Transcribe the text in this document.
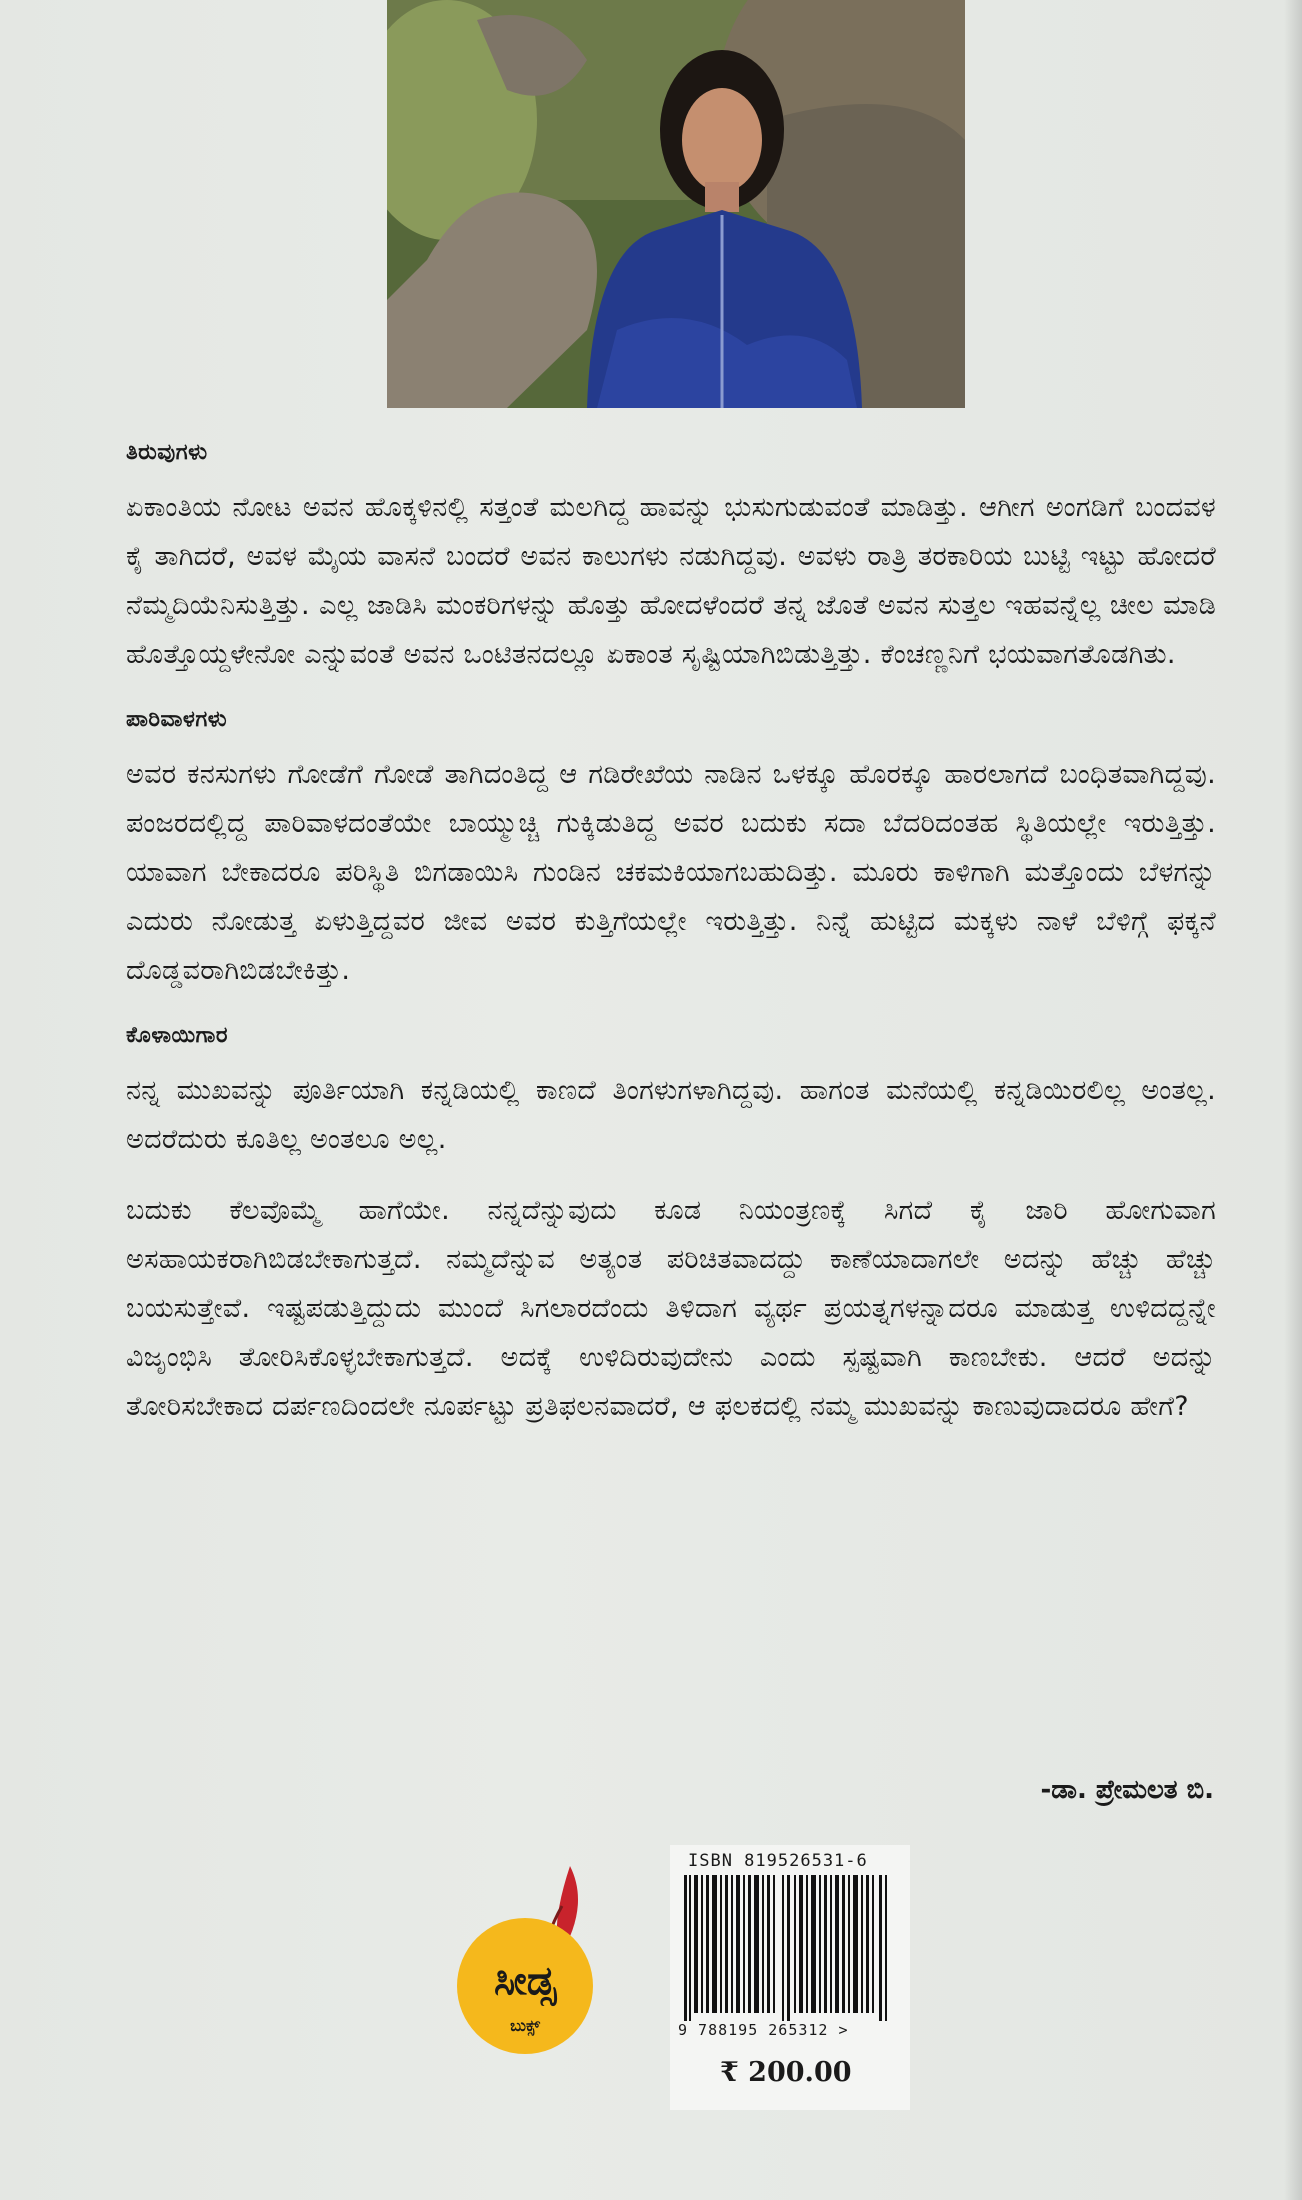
ತಿರುವುಗಳು

ಏಕಾಂತಿಯ ನೋಟ ಅವನ ಹೊಕ್ಕಳಿನಲ್ಲಿ ಸತ್ತಂತೆ ಮಲಗಿದ್ದ ಹಾವನ್ನು ಭುಸುಗುಡುವಂತೆ ಮಾಡಿತ್ತು. ಆಗೀಗ ಅಂಗಡಿಗೆ ಬಂದವಳ ಕೈ ತಾಗಿದರೆ, ಅವಳ ಮೈಯ ವಾಸನೆ ಬಂದರೆ ಅವನ ಕಾಲುಗಳು ನಡುಗಿದ್ದವು. ಅವಳು ರಾತ್ರಿ ತರಕಾರಿಯ ಬುಟ್ಟಿ ಇಟ್ಟು ಹೋದರೆ ನೆಮ್ಮದಿಯೆನಿಸುತ್ತಿತ್ತು. ಎಲ್ಲ ಜಾಡಿಸಿ ಮಂಕರಿಗಳನ್ನು ಹೊತ್ತು ಹೋದಳೆಂದರೆ ತನ್ನ ಜೊತೆ ಅವನ ಸುತ್ತಲ ಇಹವನ್ನೆಲ್ಲ ಚೀಲ ಮಾಡಿ ಹೊತ್ತೊಯ್ದಳೇನೋ ಎನ್ನುವಂತೆ ಅವನ ಒಂಟಿತನದಲ್ಲೂ ಏಕಾಂತ ಸೃಷ್ಟಿಯಾಗಿಬಿಡುತ್ತಿತ್ತು. ಕೆಂಚಣ್ಣನಿಗೆ ಭಯವಾಗತೊಡಗಿತು.

ಪಾರಿವಾಳಗಳು

ಅವರ ಕನಸುಗಳು ಗೋಡೆಗೆ ಗೋಡೆ ತಾಗಿದಂತಿದ್ದ ಆ ಗಡಿರೇಖೆಯ ನಾಡಿನ ಒಳಕ್ಕೂ ಹೊರಕ್ಕೂ ಹಾರಲಾಗದೆ ಬಂಧಿತವಾಗಿದ್ದವು. ಪಂಜರದಲ್ಲಿದ್ದ ಪಾರಿವಾಳದಂತೆಯೇ ಬಾಯ್ಮುಚ್ಚಿ ಗುಕ್ಕಿಡುತಿದ್ದ ಅವರ ಬದುಕು ಸದಾ ಬೆದರಿದಂತಹ ಸ್ಥಿತಿಯಲ್ಲೇ ಇರುತ್ತಿತ್ತು. ಯಾವಾಗ ಬೇಕಾದರೂ ಪರಿಸ್ಥಿತಿ ಬಿಗಡಾಯಿಸಿ ಗುಂಡಿನ ಚಕಮಕಿಯಾಗಬಹುದಿತ್ತು. ಮೂರು ಕಾಳಿಗಾಗಿ ಮತ್ತೊಂದು ಬೆಳಗನ್ನು ಎದುರು ನೋಡುತ್ತ ಏಳುತ್ತಿದ್ದವರ ಜೀವ ಅವರ ಕುತ್ತಿಗೆಯಲ್ಲೇ ಇರುತ್ತಿತ್ತು. ನಿನ್ನೆ ಹುಟ್ಟಿದ ಮಕ್ಕಳು ನಾಳೆ ಬೆಳಿಗ್ಗೆ ಫಕ್ಕನೆ ದೊಡ್ಡವರಾಗಿಬಿಡಬೇಕಿತ್ತು.

ಕೊಳಾಯಿಗಾರ

ನನ್ನ ಮುಖವನ್ನು ಪೂರ್ತಿಯಾಗಿ ಕನ್ನಡಿಯಲ್ಲಿ ಕಾಣದೆ ತಿಂಗಳುಗಳಾಗಿದ್ದವು. ಹಾಗಂತ ಮನೆಯಲ್ಲಿ ಕನ್ನಡಿಯಿರಲಿಲ್ಲ ಅಂತಲ್ಲ. ಅದರೆದುರು ಕೂತಿಲ್ಲ ಅಂತಲೂ ಅಲ್ಲ.

ಬದುಕು ಕೆಲವೊಮ್ಮೆ ಹಾಗೆಯೇ. ನನ್ನದೆನ್ನುವುದು ಕೂಡ ನಿಯಂತ್ರಣಕ್ಕೆ ಸಿಗದೆ ಕೈ ಜಾರಿ ಹೋಗುವಾಗ ಅಸಹಾಯಕರಾಗಿಬಿಡಬೇಕಾಗುತ್ತದೆ. ನಮ್ಮದೆನ್ನುವ ಅತ್ಯಂತ ಪರಿಚಿತವಾದದ್ದು ಕಾಣೆಯಾದಾಗಲೇ ಅದನ್ನು ಹೆಚ್ಚು ಹೆಚ್ಚು ಬಯಸುತ್ತೇವೆ. ಇಷ್ಟಪಡುತ್ತಿದ್ದುದು ಮುಂದೆ ಸಿಗಲಾರದೆಂದು ತಿಳಿದಾಗ ವ್ಯರ್ಥ ಪ್ರಯತ್ನಗಳನ್ನಾದರೂ ಮಾಡುತ್ತ ಉಳಿದದ್ದನ್ನೇ ವಿಜೃಂಭಿಸಿ ತೋರಿಸಿಕೊಳ್ಳಬೇಕಾಗುತ್ತದೆ. ಅದಕ್ಕೆ ಉಳಿದಿರುವುದೇನು ಎಂದು ಸ್ಪಷ್ಟವಾಗಿ ಕಾಣಬೇಕು. ಆದರೆ ಅದನ್ನು ತೋರಿಸಬೇಕಾದ ದರ್ಪಣದಿಂದಲೇ ನೂರ್ಪಟ್ಟು ಪ್ರತಿಫಲನವಾದರೆ, ಆ ಫಲಕದಲ್ಲಿ ನಮ್ಮ ಮುಖವನ್ನು ಕಾಣುವುದಾದರೂ ಹೇಗೆ?

-ಡಾ. ಪ್ರೇಮಲತ ಬಿ.
ಸೀಡ್ಸ
ಬುಕ್ಸ್
ISBN 819526531-6
9 788195 265312 >
₹ 200.00
